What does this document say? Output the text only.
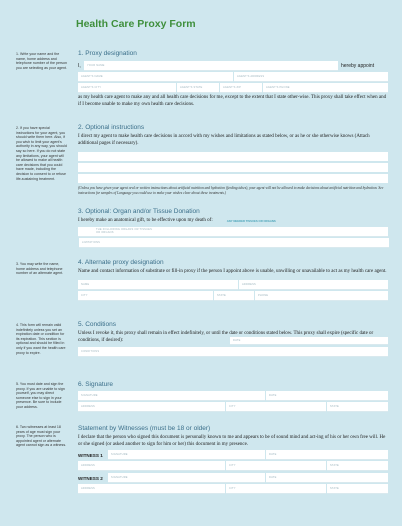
Health Care Proxy Form
1. Write your name and the name, home address and telephone number of the person you are selecting as your agent.
2. If you have special instructions for your agent, you should write them here. Also, if you wish to limit your agent's authority in any way, you should say so here. If you do not state any limitations, your agent will be allowed to make all health care decisions that you could have made, including the decision to consent to or refuse life-sustaining treatment.
3. You may write the name, home address and telephone number of an alternate agent.
4. This form will remain valid indefinitely unless you set an expiration date or condition for its expiration. This section is optional and should be filled in only if you want the health care proxy to expire.
5. You must date and sign the proxy. If you are unable to sign yourself, you may direct someone else to sign in your presence. Be sure to include your address.
6. Two witnesses at least 18 years of age must sign your proxy. The person who is appointed agent or alternate agent cannot sign as a witness.
1. Proxy designation
I,	YOUR NAME	hereby appoint
AGENT'S NAME	AGENT'S ADDRESS
AGENT'S CITY	AGENT'S STATE	AGENT'S ZIP	AGENT'S PHONE
as my health care agent to make any and all health care decisions for me, except to the extent that I state other-wise. This proxy shall take effect when and if I become unable to make my own health care decisions.
2. Optional instructions
I direct my agent to make health care decisions in accord with my wishes and limitations as stated below, or as he or she otherwise knows (Attach additional pages if necessary).
(Unless you have given your agent oral or written instructions about artificial nutrition and hydration (feeding tubes), your agent will not be allowed to make decisions about artificial nutrition and hydration. See instructions for samples of Language you could use to make your wishes clear about these treatments.)
3. Optional: Organ and/or Tissue Donation
I hereby make an anatomical gift, to be effective upon my death of:	ANY NEEDED TISSUES OR ORGANS
THE FOLLOWING ORGANS OR TISSUES OR ORGANS
LIMITATIONS
4. Alternate proxy designation
Name and contact information of substitute or fill-in proxy if the person I appoint above is unable, unwilling or unavailable to act as my health care agent.
NAME	ADDRESS
CITY	STATE	PHONE
5. Conditions
Unless I revoke it, this proxy shall remain in effect indefinitely, or until the date or conditions stated below. This proxy shall expire (specific date or conditions, if desired):	DATE
CONDITIONS
6. Signature
SIGNATURE	DATE
ADDRESS	CITY	STATE
Statement by Witnesses (must be 18 or older)
I declare that the person who signed this document is personally known to me and appears to be of sound mind and act-ing of his or her own free will. He or she signed (or asked another to sign for him or her) this document in my presence.
WITNESS 1	SIGNATURE	DATE
ADDRESS	CITY	STATE
WITNESS 2	SIGNATURE	DATE
ADDRESS	CITY	STATE
